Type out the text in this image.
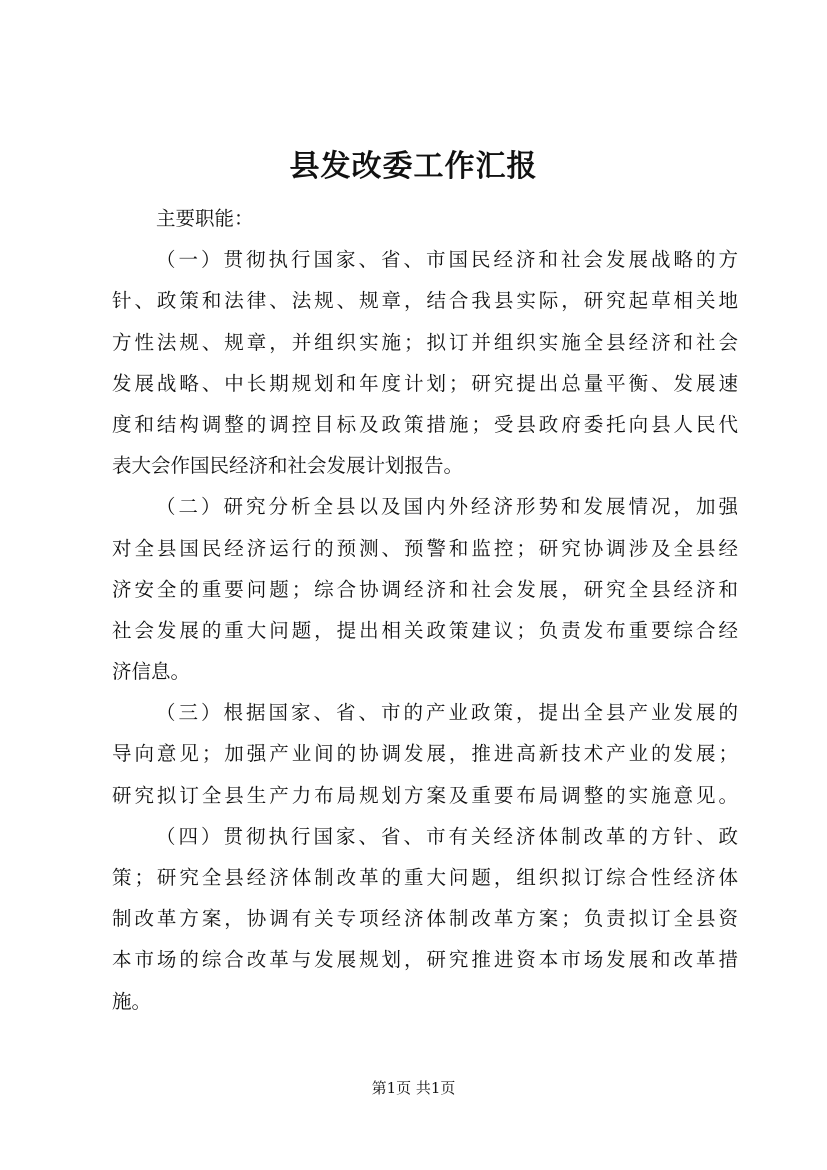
县发改委工作汇报
主要职能：
（一）贯彻执行国家、省、市国民经济和社会发展战略的方
针、政策和法律、法规、规章，结合我县实际，研究起草相关地
方性法规、规章，并组织实施；拟订并组织实施全县经济和社会
发展战略、中长期规划和年度计划；研究提出总量平衡、发展速
度和结构调整的调控目标及政策措施；受县政府委托向县人民代
表大会作国民经济和社会发展计划报告。
（二）研究分析全县以及国内外经济形势和发展情况，加强
对全县国民经济运行的预测、预警和监控；研究协调涉及全县经
济安全的重要问题；综合协调经济和社会发展，研究全县经济和
社会发展的重大问题，提出相关政策建议；负责发布重要综合经
济信息。
（三）根据国家、省、市的产业政策，提出全县产业发展的
导向意见；加强产业间的协调发展，推进高新技术产业的发展；
研究拟订全县生产力布局规划方案及重要布局调整的实施意见。
（四）贯彻执行国家、省、市有关经济体制改革的方针、政
策；研究全县经济体制改革的重大问题，组织拟订综合性经济体
制改革方案，协调有关专项经济体制改革方案；负责拟订全县资
本市场的综合改革与发展规划，研究推进资本市场发展和改革措
施。
第1页 共1页
